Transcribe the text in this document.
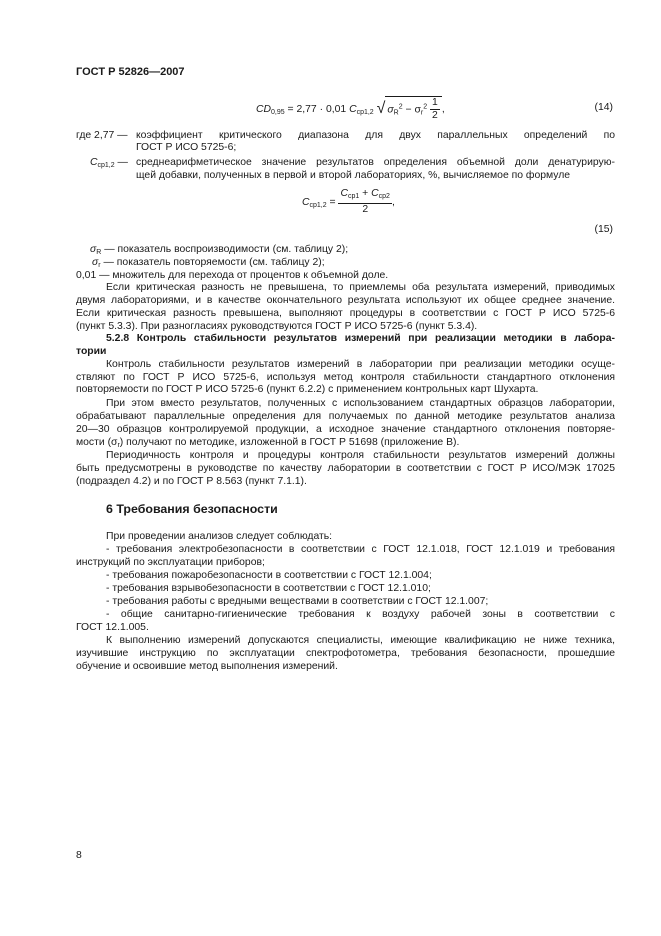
ГОСТ Р 52826—2007
$CD_{0,95} = 2,77 \cdot 0,01$ $C_{ср1,2}$ √ $\sigma_R^2 - \sigma_r^2 \frac{1}{2}$ ,	(14)
где 2,77 — коэффициент критического диапазона для двух параллельных определений по
ГОСТ Р ИСО 5725-6;
$C_{ср1,2}$ — среднеарифметическое значение результатов определения объемной доли денатурирую-
щей добавки, полученных в первой и второй лабораториях, %, вычисляемое по формуле
$C_{ср1,2} = \frac{C_{ср1} + C_{ср2}}{2}$ ,
(15)
$\sigma_R$ — показатель воспроизводимости (см. таблицу 2);
$\sigma_r$ — показатель повторяемости (см. таблицу 2);
0,01 — множитель для перехода от процентов к объемной доле.
Если критическая разность не превышена, то приемлемы оба результата измерений, приводимых
двумя лабораториями, и в качестве окончательного результата используют их общее среднее значение.
Если критическая разность превышена, выполняют процедуры в соответствии с ГОСТ Р ИСО 5725-6
(пункт 5.3.3). При разногласиях руководствуются ГОСТ Р ИСО 5725-6 (пункт 5.3.4).
5.2.8 Контроль стабильности результатов измерений при реализации методики в лабора-
тории
Контроль стабильности результатов измерений в лаборатории при реализации методики осуще-
ствляют по ГОСТ Р ИСО 5725-6, используя метод контроля стабильности стандартного отклонения
повторяемости по ГОСТ Р ИСО 5725-6 (пункт 6.2.2) с применением контрольных карт Шухарта.
При этом вместо результатов, полученных с использованием стандартных образцов лаборатории,
обрабатывают параллельные определения для получаемых по данной методике результатов анализа
20—30 образцов контролируемой продукции, а исходное значение стандартного отклонения повторяе-
мости $(\sigma_r)$ получают по методике, изложенной в ГОСТ Р 51698 (приложение В).
Периодичность контроля и процедуры контроля стабильности результатов измерений должны
быть предусмотрены в руководстве по качеству лаборатории в соответствии с ГОСТ Р ИСО/МЭК 17025
(подраздел 4.2) и по ГОСТ Р 8.563 (пункт 7.1.1).
6 Требования безопасности
При проведении анализов следует соблюдать:
- требования электробезопасности в соответствии с ГОСТ 12.1.018, ГОСТ 12.1.019 и требования
инструкций по эксплуатации приборов;
- требования пожаробезопасности в соответствии с ГОСТ 12.1.004;
- требования взрывобезопасности в соответствии с ГОСТ 12.1.010;
- требования работы с вредными веществами в соответствии с ГОСТ 12.1.007;
- общие санитарно-гигиенические требования к воздуху рабочей зоны в соответствии с
ГОСТ 12.1.005.
К выполнению измерений допускаются специалисты, имеющие квалификацию не ниже техника,
изучившие инструкцию по эксплуатации спектрофотометра, требования безопасности, прошедшие
обучение и освоившие метод выполнения измерений.
8
